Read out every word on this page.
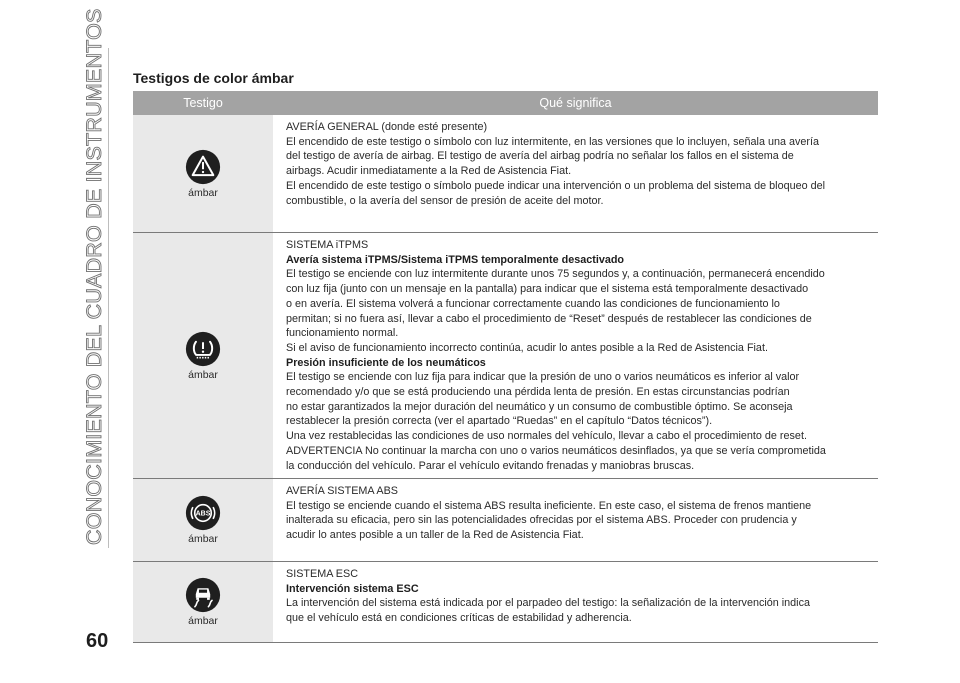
CONOCIMIENTO DEL CUADRO DE INSTRUMENTOS Testigos de color ámbar
Testigo	Qué significa
ámbar
AVERÍA GENERAL (donde esté presente)
El encendido de este testigo o símbolo con luz intermitente, en las versiones que lo incluyen, señala una avería
del testigo de avería de airbag. El testigo de avería del airbag podría no señalar los fallos en el sistema de
airbags. Acudir inmediatamente a la Red de Asistencia Fiat.
El encendido de este testigo o símbolo puede indicar una intervención o un problema del sistema de bloqueo del
combustible, o la avería del sensor de presión de aceite del motor.
ámbar
SISTEMA iTPMS
Avería sistema iTPMS/Sistema iTPMS temporalmente desactivado
El testigo se enciende con luz intermitente durante unos 75 segundos y, a continuación, permanecerá encendido
con luz fija (junto con un mensaje en la pantalla) para indicar que el sistema está temporalmente desactivado
o en avería. El sistema volverá a funcionar correctamente cuando las condiciones de funcionamiento lo
permitan; si no fuera así, llevar a cabo el procedimiento de “Reset” después de restablecer las condiciones de
funcionamiento normal.
Si el aviso de funcionamiento incorrecto continúa, acudir lo antes posible a la Red de Asistencia Fiat.
Presión insuficiente de los neumáticos
El testigo se enciende con luz fija para indicar que la presión de uno o varios neumáticos es inferior al valor
recomendado y/o que se está produciendo una pérdida lenta de presión. En estas circunstancias podrían
no estar garantizados la mejor duración del neumático y un consumo de combustible óptimo. Se aconseja
restablecer la presión correcta (ver el apartado “Ruedas” en el capítulo “Datos técnicos”).
Una vez restablecidas las condiciones de uso normales del vehículo, llevar a cabo el procedimiento de reset.
ADVERTENCIA No continuar la marcha con uno o varios neumáticos desinflados, ya que se vería comprometida
la conducción del vehículo. Parar el vehículo evitando frenadas y maniobras bruscas.
ABS
ámbar
AVERÍA SISTEMA ABS
El testigo se enciende cuando el sistema ABS resulta ineficiente. En este caso, el sistema de frenos mantiene
inalterada su eficacia, pero sin las potencialidades ofrecidas por el sistema ABS. Proceder con prudencia y
acudir lo antes posible a un taller de la Red de Asistencia Fiat.
ámbar
SISTEMA ESC
Intervención sistema ESC
La intervención del sistema está indicada por el parpadeo del testigo: la señalización de la intervención indica
que el vehículo está en condiciones críticas de estabilidad y adherencia.
60
